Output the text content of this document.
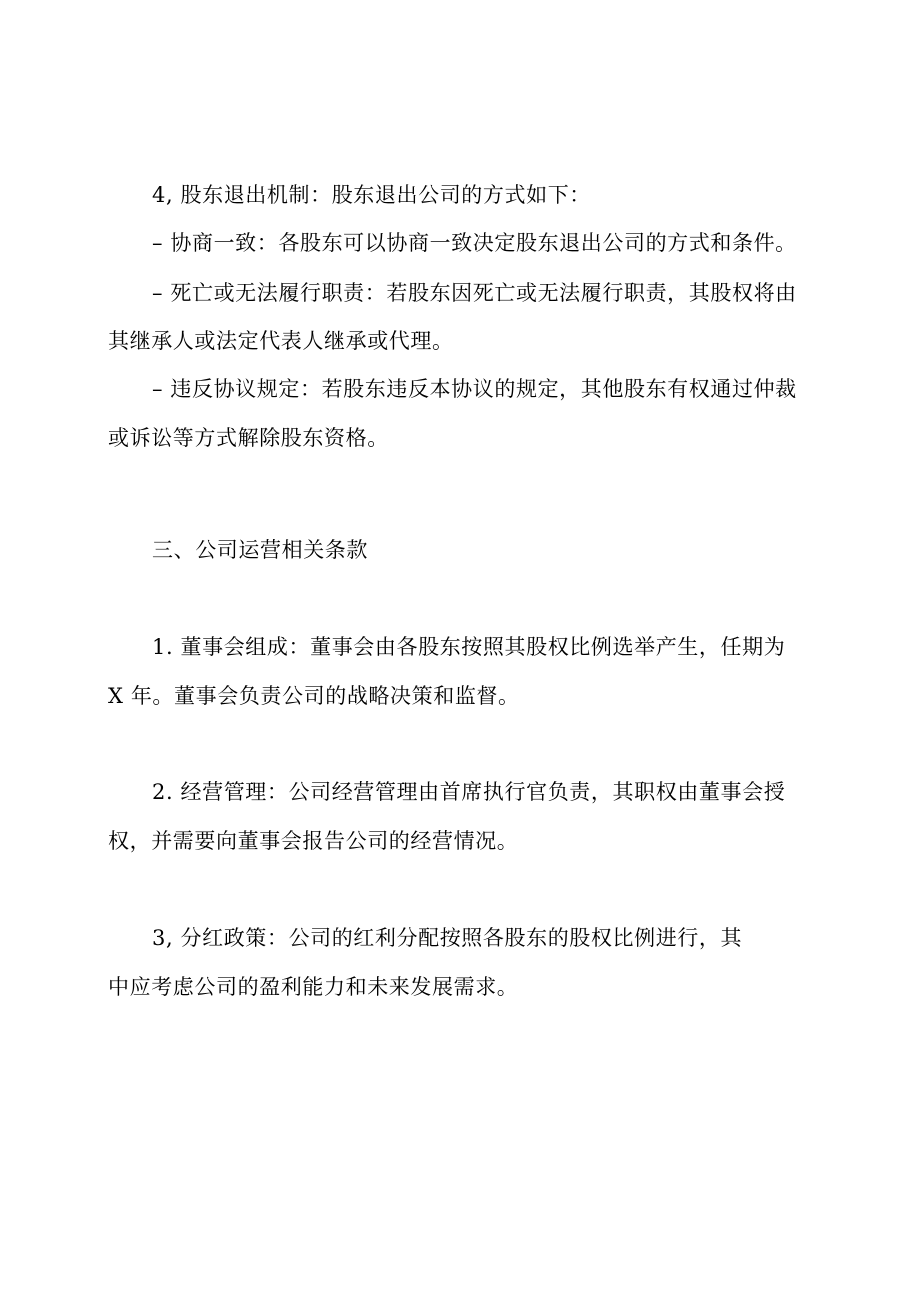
4, 股东退出机制：股东退出公司的方式如下：
– 协商一致：各股东可以协商一致决定股东退出公司的方式和条件。
– 死亡或无法履行职责：若股东因死亡或无法履行职责，其股权将由
其继承人或法定代表人继承或代理。
– 违反协议规定：若股东违反本协议的规定，其他股东有权通过仲裁
或诉讼等方式解除股东资格。
三、公司运营相关条款
1. 董事会组成：董事会由各股东按照其股权比例选举产生，任期为
X 年。董事会负责公司的战略决策和监督。
2. 经营管理：公司经营管理由首席执行官负责，其职权由董事会授
权，并需要向董事会报告公司的经营情况。
3, 分红政策：公司的红利分配按照各股东的股权比例进行，其
中应考虑公司的盈利能力和未来发展需求。
